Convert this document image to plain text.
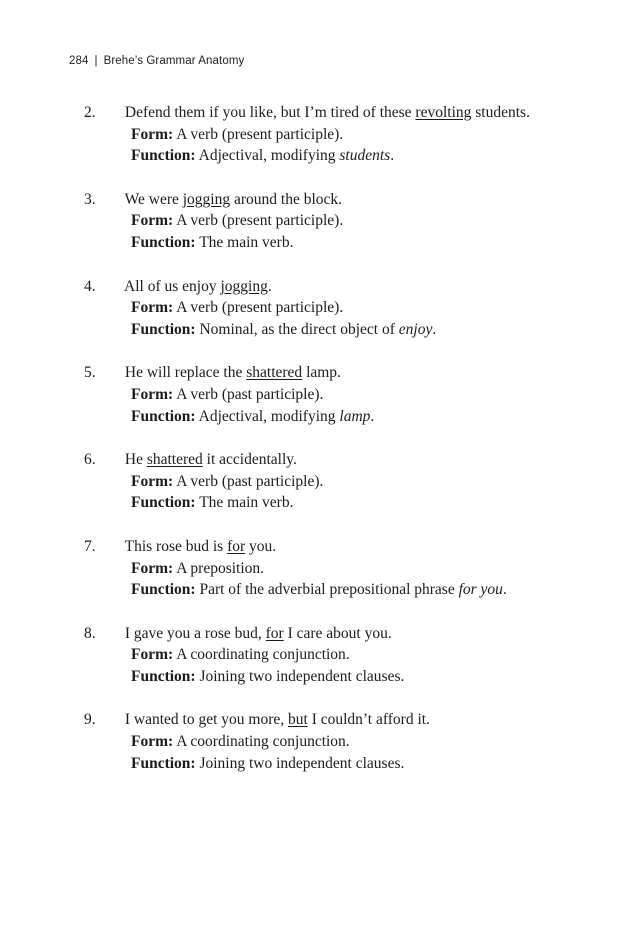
284 | Brehe’s Grammar Anatomy
2. Defend them if you like, but I’m tired of these revolting students.
Form: A verb (present participle).
Function: Adjectival, modifying students.
3. We were jogging around the block.
Form: A verb (present participle).
Function: The main verb.
4. All of us enjoy jogging.
Form: A verb (present participle).
Function: Nominal, as the direct object of enjoy.
5. He will replace the shattered lamp.
Form: A verb (past participle).
Function: Adjectival, modifying lamp.
6. He shattered it accidentally.
Form: A verb (past participle).
Function: The main verb.
7. This rose bud is for you.
Form: A preposition.
Function: Part of the adverbial prepositional phrase for you.
8. I gave you a rose bud, for I care about you.
Form: A coordinating conjunction.
Function: Joining two independent clauses.
9. I wanted to get you more, but I couldn’t afford it.
Form: A coordinating conjunction.
Function: Joining two independent clauses.
